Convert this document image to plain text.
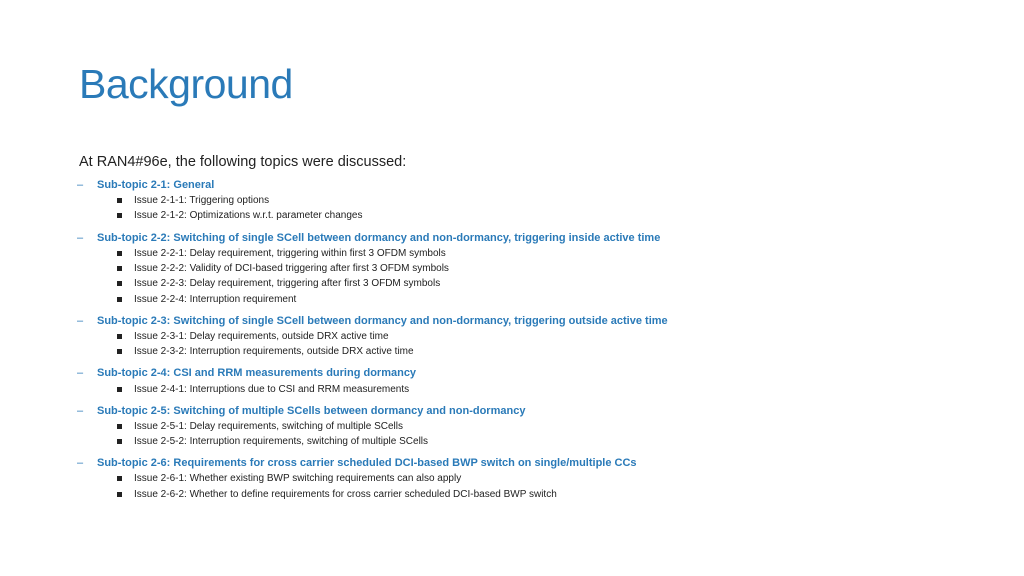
Background

At RAN4#96e, the following topics were discussed:

–	Sub-topic 2-1: General
Issue 2-1-1: Triggering options
Issue 2-1-2: Optimizations w.r.t. parameter changes
–	Sub-topic 2-2: Switching of single SCell between dormancy and non-dormancy, triggering inside active time
Issue 2-2-1: Delay requirement, triggering within first 3 OFDM symbols
Issue 2-2-2: Validity of DCI-based triggering after first 3 OFDM symbols
Issue 2-2-3: Delay requirement, triggering after first 3 OFDM symbols
Issue 2-2-4: Interruption requirement
–	Sub-topic 2-3: Switching of single SCell between dormancy and non-dormancy, triggering outside active time
Issue 2-3-1: Delay requirements, outside DRX active time
Issue 2-3-2: Interruption requirements, outside DRX active time
–	Sub-topic 2-4: CSI and RRM measurements during dormancy
Issue 2-4-1: Interruptions due to CSI and RRM measurements
–	Sub-topic 2-5: Switching of multiple SCells between dormancy and non-dormancy
Issue 2-5-1: Delay requirements, switching of multiple SCells
Issue 2-5-2: Interruption requirements, switching of multiple SCells
–	Sub-topic 2-6: Requirements for cross carrier scheduled DCI-based BWP switch on single/multiple CCs
Issue 2-6-1: Whether existing BWP switching requirements can also apply
Issue 2-6-2: Whether to define requirements for cross carrier scheduled DCI-based BWP switch
